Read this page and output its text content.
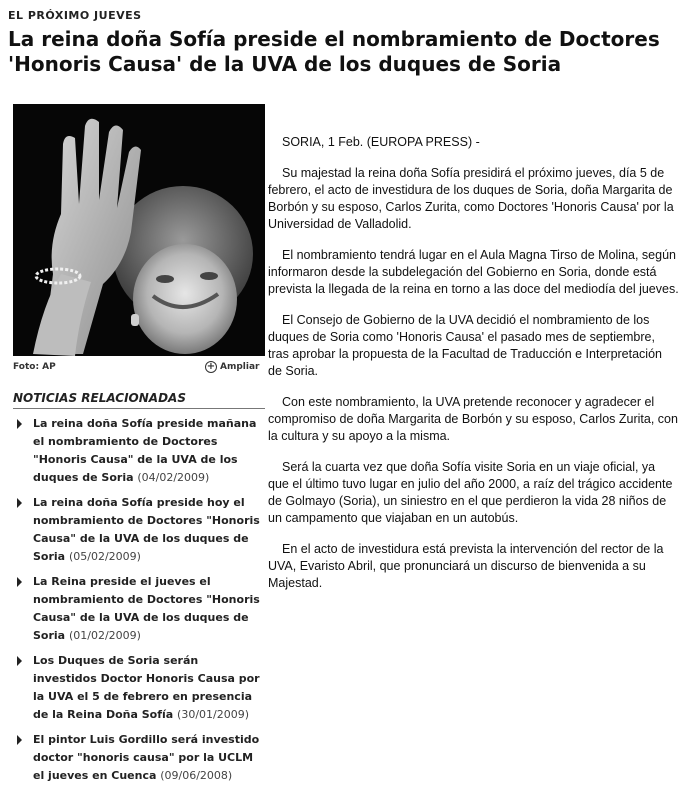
EL PRÓXIMO JUEVES
La reina doña Sofía preside el nombramiento de Doctores 'Honoris Causa' de la UVA de los duques de Soria
Foto: AP	+ Ampliar
NOTICIAS RELACIONADAS
La reina doña Sofía preside mañana el nombramiento de Doctores "Honoris Causa" de la UVA de los duques de Soria (04/02/2009)
La reina doña Sofía preside hoy el nombramiento de Doctores "Honoris Causa" de la UVA de los duques de Soria (05/02/2009)
La Reina preside el jueves el nombramiento de Doctores "Honoris Causa" de la UVA de los duques de Soria (01/02/2009)
Los Duques de Soria serán investidos Doctor Honoris Causa por la UVA el 5 de febrero en presencia de la Reina Doña Sofía (30/01/2009)
El pintor Luis Gordillo será investido doctor "honoris causa" por la UCLM el jueves en Cuenca (09/06/2008)

SORIA, 1 Feb. (EUROPA PRESS) -

Su majestad la reina doña Sofía presidirá el próximo jueves, día 5 de febrero, el acto de investidura de los duques de Soria, doña Margarita de Borbón y su esposo, Carlos Zurita, como Doctores 'Honoris Causa' por la Universidad de Valladolid.

El nombramiento tendrá lugar en el Aula Magna Tirso de Molina, según informaron desde la subdelegación del Gobierno en Soria, donde está prevista la llegada de la reina en torno a las doce del mediodía del jueves.

El Consejo de Gobierno de la UVA decidió el nombramiento de los duques de Soria como 'Honoris Causa' el pasado mes de septiembre, tras aprobar la propuesta de la Facultad de Traducción e Interpretación de Soria.

Con este nombramiento, la UVA pretende reconocer y agradecer el compromiso de doña Margarita de Borbón y su esposo, Carlos Zurita, con la cultura y su apoyo a la misma.

Será la cuarta vez que doña Sofía visite Soria en un viaje oficial, ya que el último tuvo lugar en julio del año 2000, a raíz del trágico accidente de Golmayo (Soria), un siniestro en el que perdieron la vida 28 niños de un campamento que viajaban en un autobús.

En el acto de investidura está prevista la intervención del rector de la UVA, Evaristo Abril, que pronunciará un discurso de bienvenida a su Majestad.
